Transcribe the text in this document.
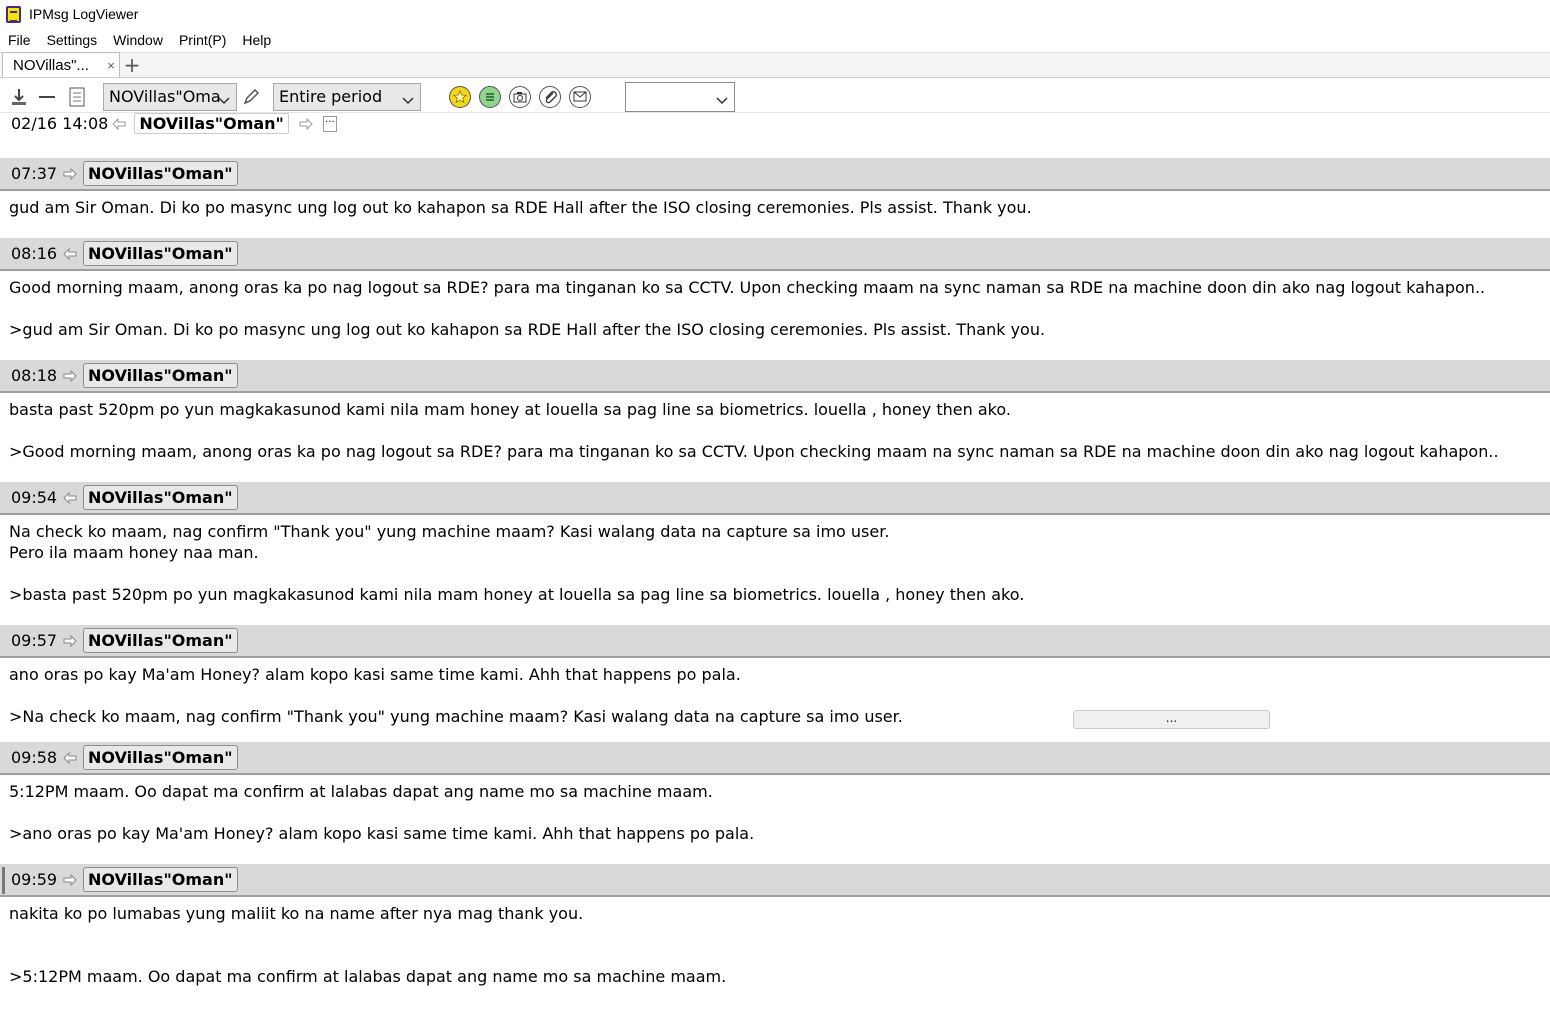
IPMsg LogViewer
File	Settings	Window	Print(P)	Help
NOVillas"...	× +
NOVillas"Oma	Entire period
02/16 14:08	NOVillas"Oman"	···
07:37	NOVillas"Oman"
gud am Sir Oman. Di ko po masync ung log out ko kahapon sa RDE Hall after the ISO closing ceremonies. Pls assist. Thank you.
08:16	NOVillas"Oman"
Good morning maam, anong oras ka po nag logout sa RDE? para ma tinganan ko sa CCTV. Upon checking maam na sync naman sa RDE na machine doon din ako nag logout kahapon..

>gud am Sir Oman. Di ko po masync ung log out ko kahapon sa RDE Hall after the ISO closing ceremonies. Pls assist. Thank you.
08:18	NOVillas"Oman"
basta past 520pm po yun magkakasunod kami nila mam honey at louella sa pag line sa biometrics. louella , honey then ako.

>Good morning maam, anong oras ka po nag logout sa RDE? para ma tinganan ko sa CCTV. Upon checking maam na sync naman sa RDE na machine doon din ako nag logout kahapon..
09:54	NOVillas"Oman"
Na check ko maam, nag confirm "Thank you" yung machine maam? Kasi walang data na capture sa imo user.
Pero ila maam honey naa man.

>basta past 520pm po yun magkakasunod kami nila mam honey at louella sa pag line sa biometrics. louella , honey then ako.
09:57	NOVillas"Oman"
ano oras po kay Ma'am Honey? alam kopo kasi same time kami. Ahh that happens po pala.

>Na check ko maam, nag confirm "Thank you" yung machine maam? Kasi walang data na capture sa imo user.
09:58	NOVillas"Oman"
5:12PM maam. Oo dapat ma confirm at lalabas dapat ang name mo sa machine maam.

>ano oras po kay Ma'am Honey? alam kopo kasi same time kami. Ahh that happens po pala.
09:59	NOVillas"Oman"
nakita ko po lumabas yung maliit ko na name after nya mag thank you.

>5:12PM maam. Oo dapat ma confirm at lalabas dapat ang name mo sa machine maam.
...
